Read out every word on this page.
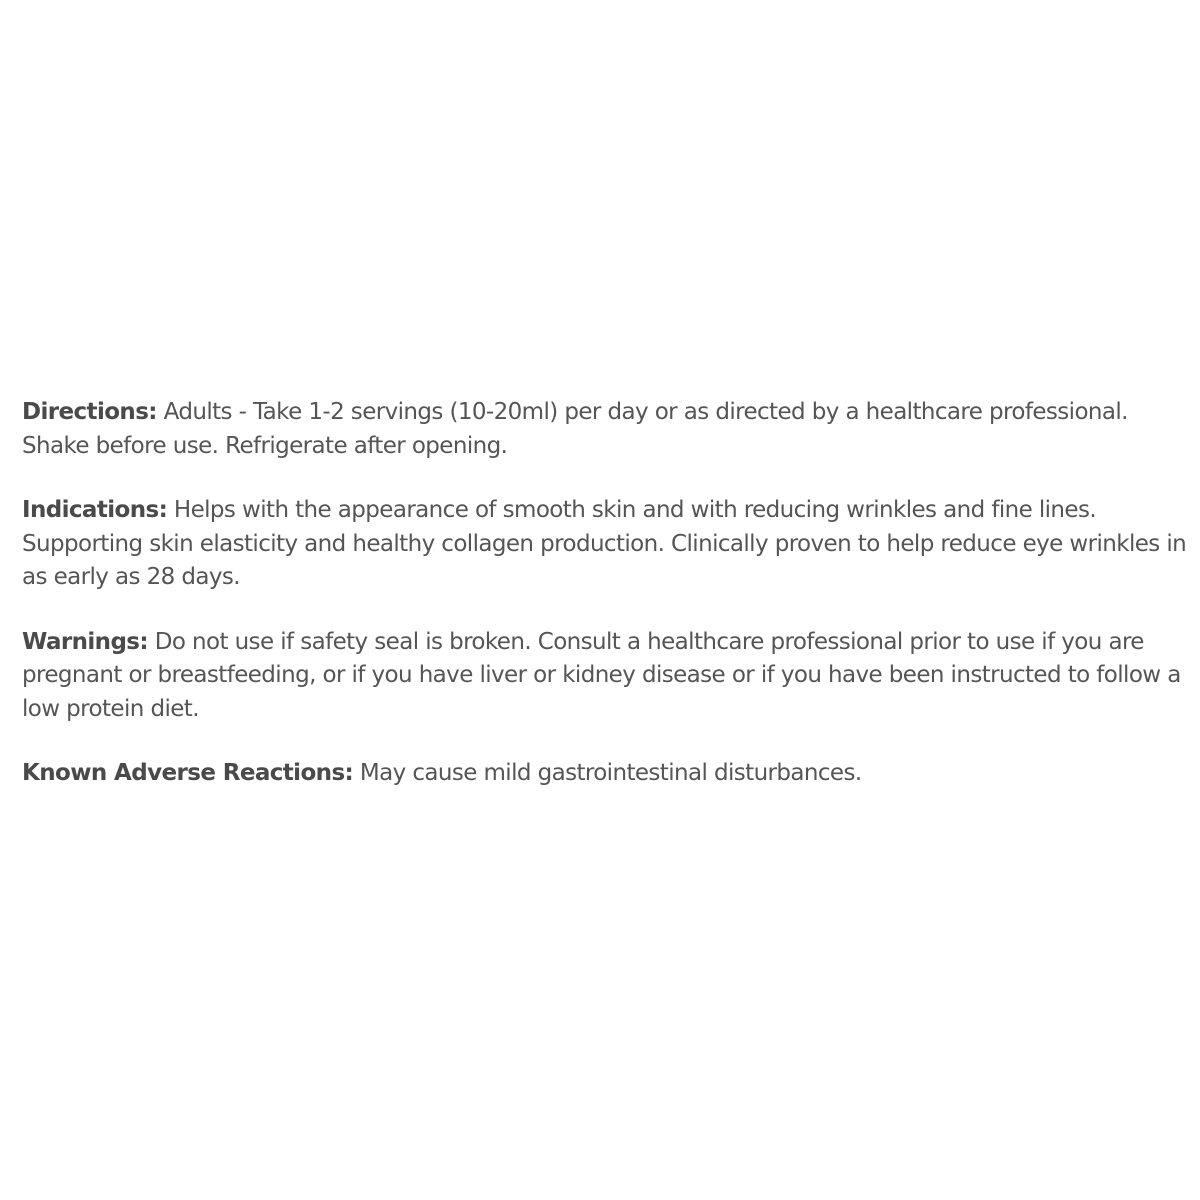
Directions: Adults - Take 1-2 servings (10-20ml) per day or as directed by a healthcare professional. Shake before use. Refrigerate after opening.

Indications: Helps with the appearance of smooth skin and with reducing wrinkles and fine lines. Supporting skin elasticity and healthy collagen production. Clinically proven to help reduce eye wrinkles in as early as 28 days.

Warnings: Do not use if safety seal is broken. Consult a healthcare professional prior to use if you are pregnant or breastfeeding, or if you have liver or kidney disease or if you have been instructed to follow a low protein diet.

Known Adverse Reactions: May cause mild gastrointestinal disturbances.
